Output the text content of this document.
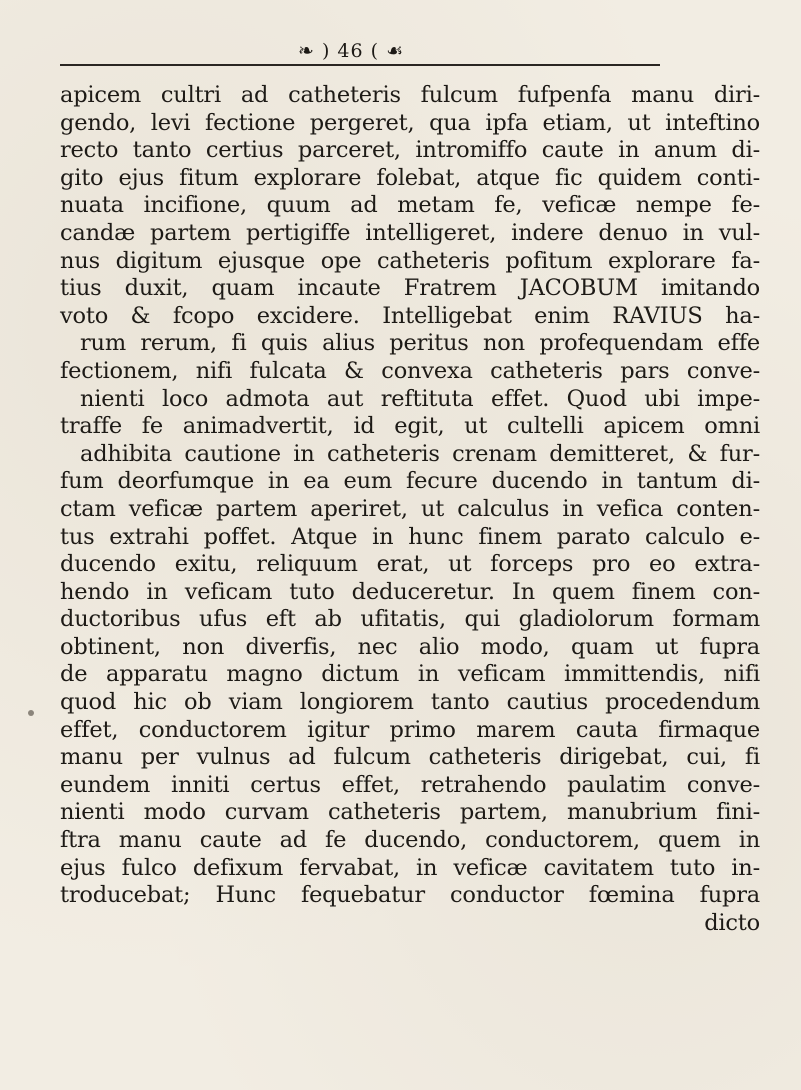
❧ ) 46 ( ☙
apicem cultri ad catheteris fulcum fufpenfa manu diri-
gendo, levi fectione pergeret, qua ipfa etiam, ut inteftino
recto tanto certius parceret, intromiffo caute in anum di-
gito ejus fitum explorare folebat, atque fic quidem conti-
nuata incifione, quum ad metam fe, veficæ nempe fe-
candæ partem pertigiffe intelligeret, indere denuo in vul-
nus digitum ejusque ope catheteris pofitum explorare fa-
tius duxit, quam incaute Fratrem JACOBUM imitando
voto & fcopo excidere. Intelligebat enim RAVIUS ha-
rum rerum, fi quis alius peritus non profequendam effe
fectionem, nifi fulcata & convexa catheteris pars conve-
nienti loco admota aut reftituta effet. Quod ubi impe-
traffe fe animadvertit, id egit, ut cultelli apicem omni
adhibita cautione in catheteris crenam demitteret, & fur-
fum deorfumque in ea eum fecure ducendo in tantum di-
ctam veficæ partem aperiret, ut calculus in vefica conten-
tus extrahi poffet. Atque in hunc finem parato calculo e-
ducendo exitu, reliquum erat, ut forceps pro eo extra-
hendo in veficam tuto deduceretur. In quem finem con-
ductoribus ufus eft ab ufitatis, qui gladiolorum formam
obtinent, non diverfis, nec alio modo, quam ut fupra
de apparatu magno dictum in veficam immittendis, nifi
quod hic ob viam longiorem tanto cautius procedendum
effet, conductorem igitur primo marem cauta firmaque
manu per vulnus ad fulcum catheteris dirigebat, cui, fi
eundem inniti certus effet, retrahendo paulatim conve-
nienti modo curvam catheteris partem, manubrium fini-
ftra manu caute ad fe ducendo, conductorem, quem in
ejus fulco defixum fervabat, in veficæ cavitatem tuto in-
troducebat; Hunc fequebatur conductor fœmina fupra
dicto
